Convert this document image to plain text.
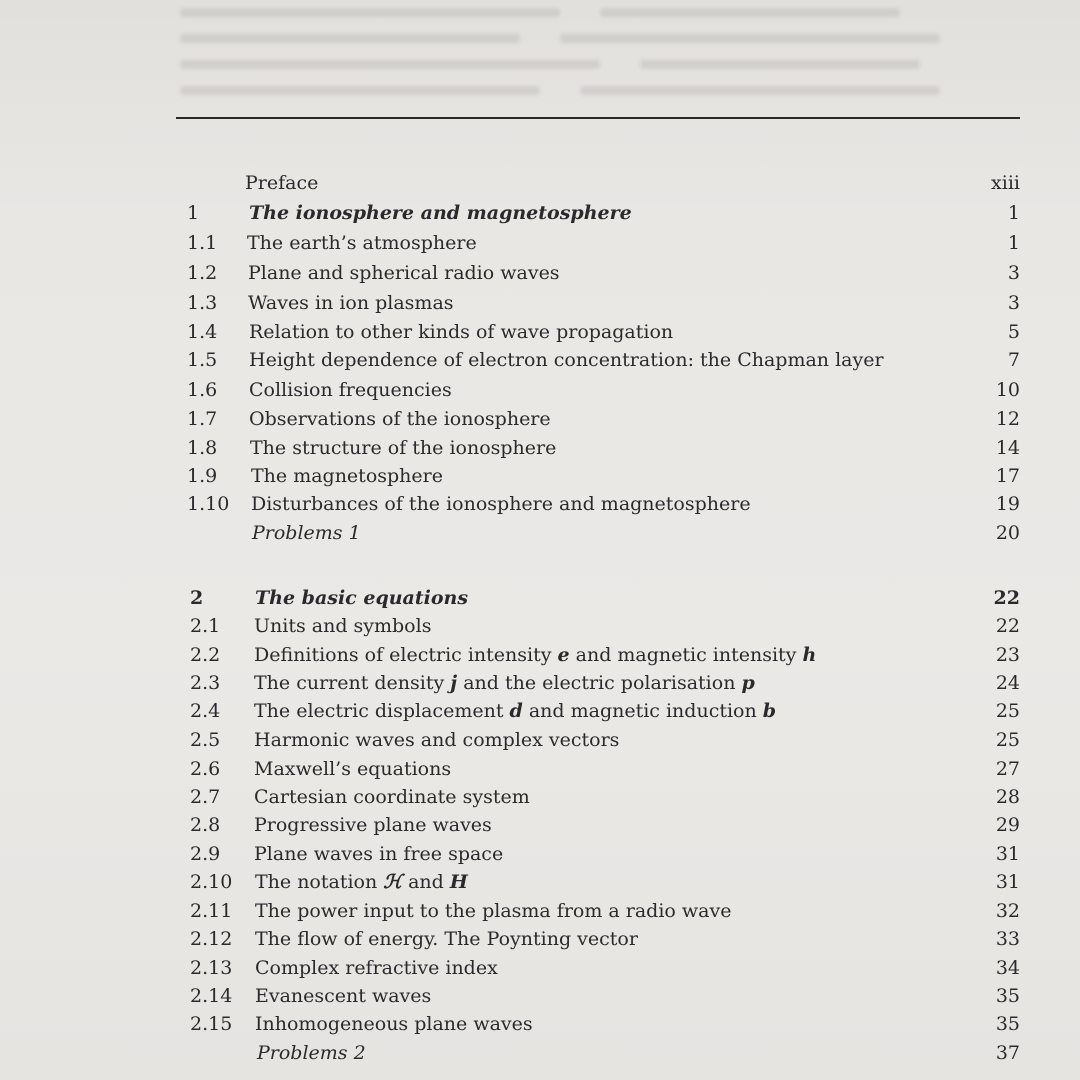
Preface	xiii
1	The ionosphere and magnetosphere	1
1.1 The earth’s atmosphere	1
1.2 Plane and spherical radio waves	3
1.3 Waves in ion plasmas	3
1.4 Relation to other kinds of wave propagation	5
1.5 Height dependence of electron concentration: the Chapman layer	7
1.6 Collision frequencies	10
1.7 Observations of the ionosphere	12
1.8 The structure of the ionosphere	14
1.9 The magnetosphere	17
1.10 Disturbances of the ionosphere and magnetosphere	19
Problems 1	20
2	The basic equations	22
2.1 Units and symbols	22
2.2 Definitions of electric intensity e and magnetic intensity h	23
2.3 The current density j and the electric polarisation p	24
2.4 The electric displacement d and magnetic induction b	25
2.5 Harmonic waves and complex vectors	25
2.6 Maxwell’s equations	27
2.7 Cartesian coordinate system	28
2.8 Progressive plane waves	29
2.9 Plane waves in free space	31
2.10 The notation ℋ and H	31
2.11 The power input to the plasma from a radio wave	32
2.12 The flow of energy. The Poynting vector	33
2.13 Complex refractive index	34
2.14 Evanescent waves	35
2.15 Inhomogeneous plane waves	35
Problems 2	37
